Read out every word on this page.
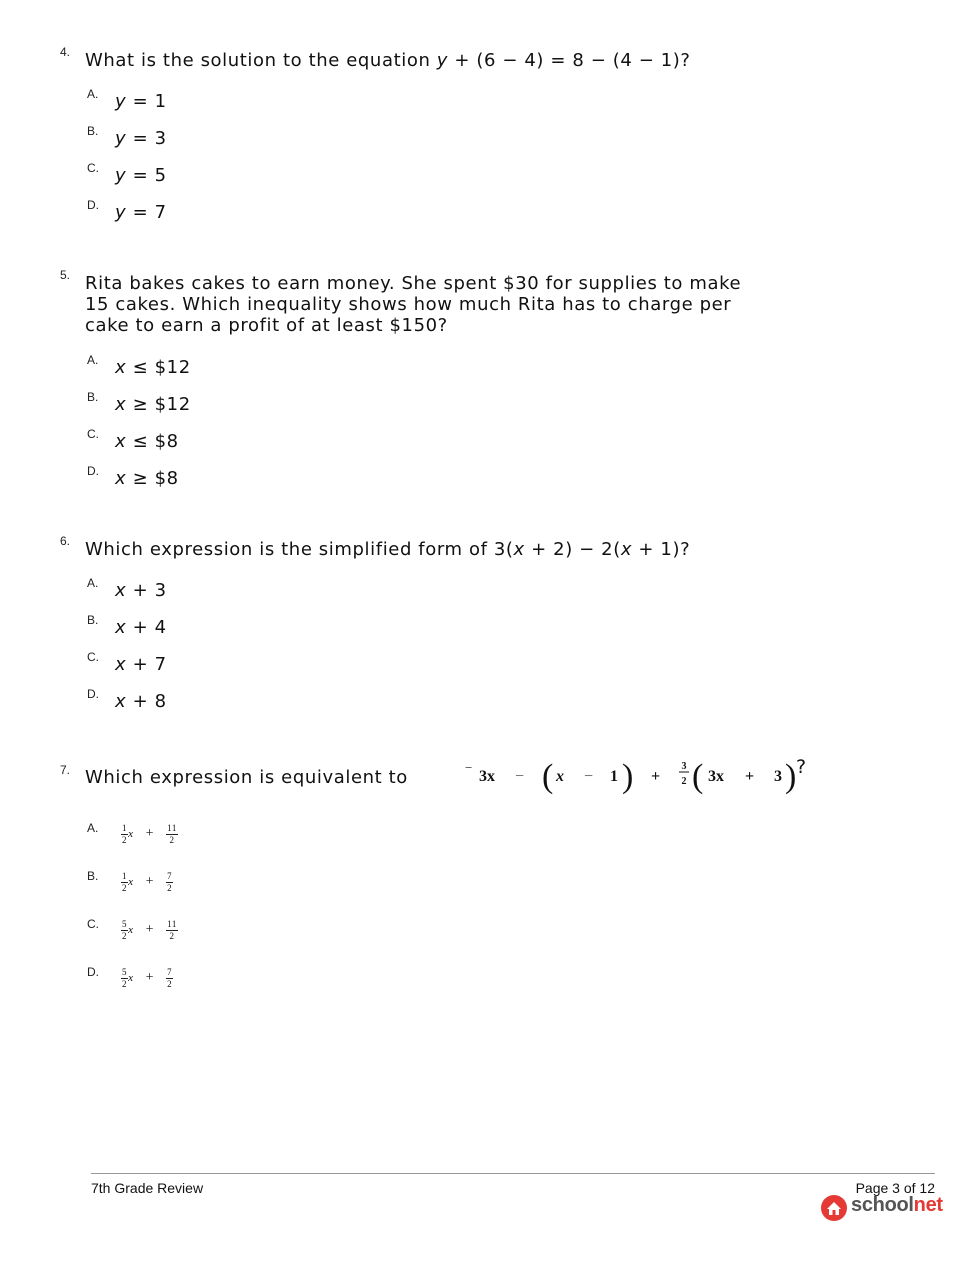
4. What is the solution to the equation y + (6 − 4) = 8 − (4 − 1)?
A. y = 1
B. y = 3
C. y = 5
D. y = 7
5. Rita bakes cakes to earn money. She spent $30 for supplies to make 15 cakes. Which inequality shows how much Rita has to charge per cake to earn a profit of at least $150?
A. x ≤ $12
B. x ≥ $12
C. x ≤ $8
D. x ≥ $8
6. Which expression is the simplified form of 3(x + 2) − 2(x + 1)?
A. x + 3
B. x + 4
C. x + 7
D. x + 8
7. Which expression is equivalent to	−
3x − ( x − 1 ) +
3
2 ( 3x + 3 ) ?
A.	$\frac{1}{2}$ $x + \frac{11}{2}$
B.	$\frac{1}{2}$ $x + \frac{7}{2}$
C. $\frac{5}{2}$ $x + \frac{11}{2}$
D. $\frac{5}{2}$ $x + \frac{7}{2}$
7th Grade Review	Page 3 of 12
schoolnet
